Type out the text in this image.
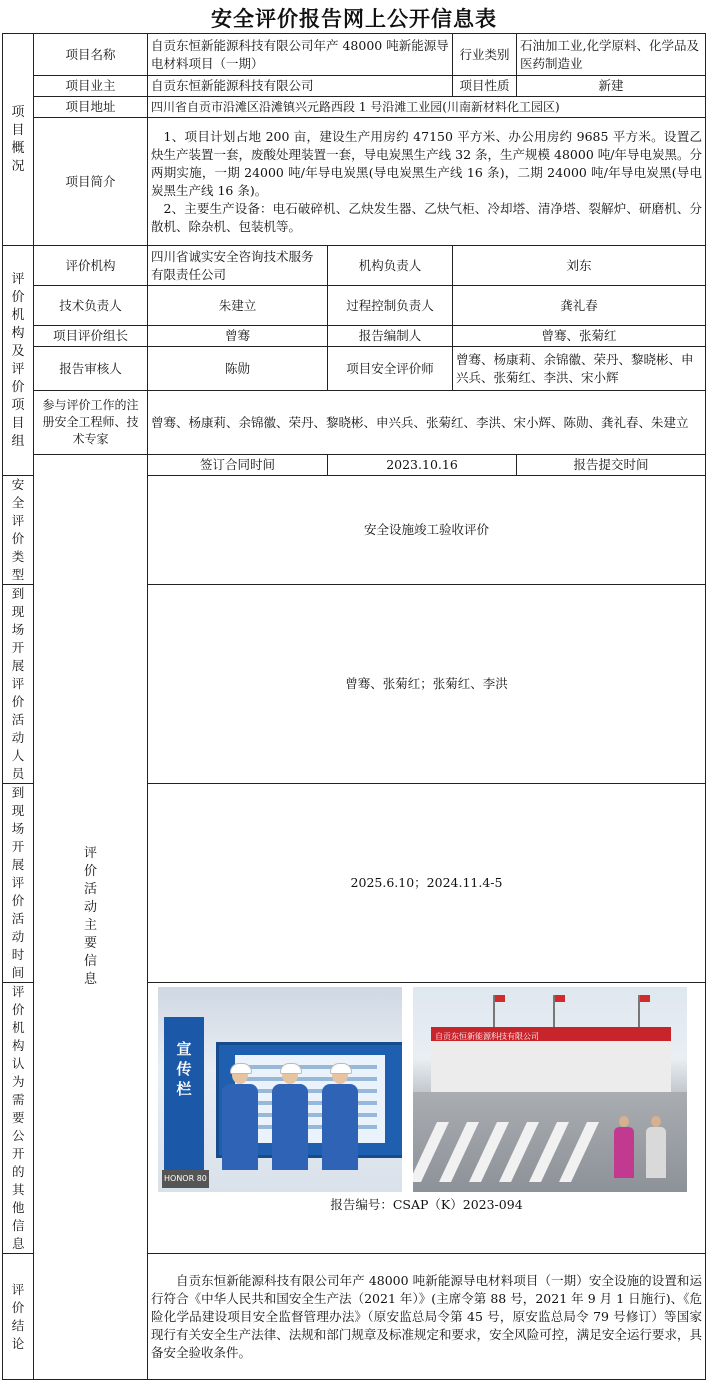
安全评价报告网上公开信息表
项目概况	项目名称	自贡东恒新能源科技有限公司年产 48000 吨新能源导电材料项目（一期）		行业类别	石油加工业,化学原料、化学品及医药制造业	
	项目业主	自贡东恒新能源科技有限公司		项目性质	新建	
	项目地址	四川省自贡市沿滩区沿滩镇兴元路西段 1 号沿滩工业园(川南新材料化工园区)				
	项目简介	1、项目计划占地 200 亩，建设生产用房约 47150 平方米、办公用房约 9685 平方米。设置乙炔生产装置一套，废酸处理装置一套，导电炭黑生产线 32 条，生产规模 48000 吨/年导电炭黑。分两期实施，一期 24000 吨/年导电炭黑(导电炭黑生产线 16 条)，二期 24000 吨/年导电炭黑(导电炭黑生产线 16 条)。
2、主要生产设备：电石破碎机、乙炔发生器、乙炔气柜、冷却塔、清净塔、裂解炉、研磨机、分散机、除杂机、包装机等。				

评价机构及评价项目组	评价机构	四川省诚实安全咨询技术服务有限责任公司	机构负责人	刘东		
	技术负责人	朱建立	过程控制负责人	龚礼春		
	项目评价组长	曾骞	报告编制人	曾骞、张菊红		
	报告审核人	陈勋	项目安全评价师	曾骞、杨康莉、余锦徽、荣丹、黎晓彬、申兴兵、张菊红、李洪、宋小辉		
	参与评价工作的注册安全工程师、技术专家	曾骞、杨康莉、余锦徽、荣丹、黎晓彬、申兴兵、张菊红、李洪、宋小辉、陈勋、龚礼春、朱建立				

	评价活动主要信息	签订合同时间	2023.10.16		报告提交时间	
安全评价类型		安全设施竣工验收评价				
到现场开展评价活动人员		曾骞、张菊红；张菊红、李洪				
到现场开展评价活动时间		2025.6.10；2024.11.4-5				

评价机构认为需要公开的其他信息		宣传栏
HONOR 80
自贡东恒新能源科技有限公司
报告编号：CSAP（K）2023-094				

评价结论		自贡东恒新能源科技有限公司年产 48000 吨新能源导电材料项目（一期）安全设施的设置和运行符合《中华人民共和国安全生产法（2021 年）》(主席令第 88 号，2021 年 9 月 1 日施行)、《危险化学品建设项目安全监督管理办法》（原安监总局令第 45 号，原安监总局令 79 号修订）等国家现行有关安全生产法律、法规和部门规章及标准规定和要求，安全风险可控，满足安全运行要求，具备安全验收条件。				
